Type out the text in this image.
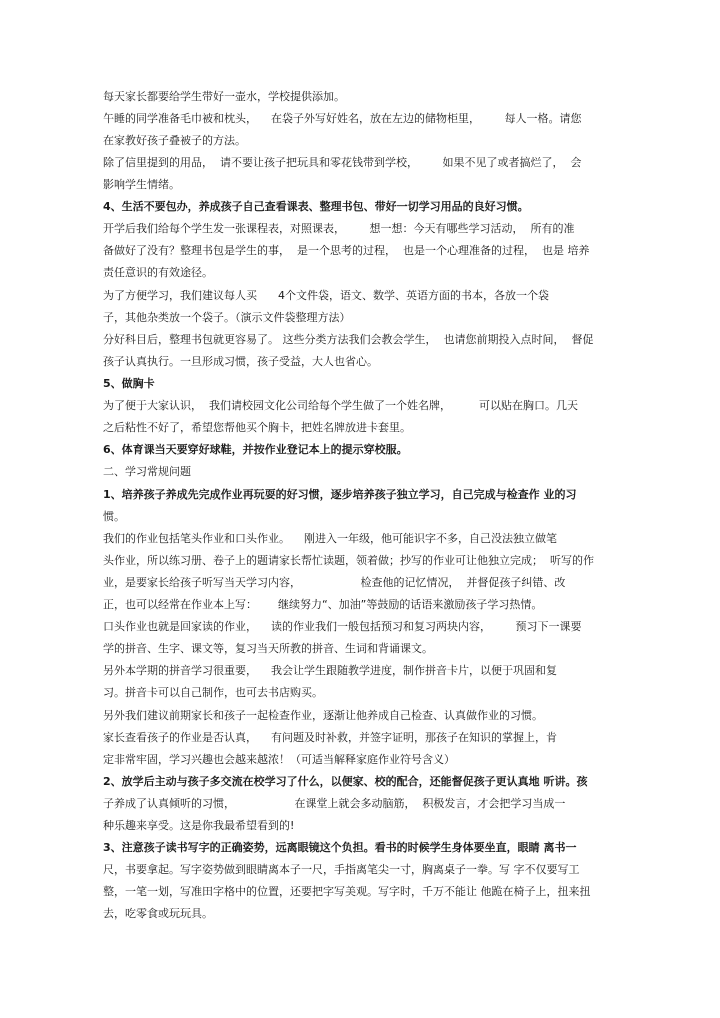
每天家长都要给学生带好一壶水，学校提供添加。
午睡的同学准备毛巾被和枕头，    在袋子外写好姓名，放在左边的储物柜里，       每人一格。请您
在家教好孩子叠被子的方法。
除了信里提到的用品，  请不要让孩子把玩具和零花钱带到学校，       如果不见了或者搞烂了，  会
影响学生情绪。
4、生活不要包办，养成孩子自己查看课表、整理书包、带好一切学习用品的良好习惯。
开学后我们给每个学生发一张课程表，对照课表，       想一想：今天有哪些学习活动，  所有的准
备做好了没有？整理书包是学生的事，  是一个思考的过程，  也是一个心理准备的过程，  也是 培养
责任意识的有效途径。
为了方便学习，我们建议每人买      4个文件袋，语文、数学、英语方面的书本，各放一个袋
子，其他杂类放一个袋子。（演示文件袋整理方法）
分好科目后，整理书包就更容易了。 这些分类方法我们会教会学生，  也请您前期投入点时间，  督促
孩子认真执行。一旦形成习惯，孩子受益，大人也省心。
5、做胸卡
为了便于大家认识，  我们请校园文化公司给每个学生做了一个姓名牌，        可以贴在胸口。几天
之后粘性不好了，希望您帮他买个胸卡，把姓名牌放进卡套里。
6、体育课当天要穿好球鞋，并按作业登记本上的提示穿校服。
二、学习常规问题
1、培养孩子养成先完成作业再玩耍的好习惯，逐步培养孩子独立学习，自己完成与检查作 业的习
惯。
我们的作业包括笔头作业和口头作业。    刚进入一年级，他可能识字不多，自己没法独立做笔
头作业，所以练习册、卷子上的题请家长帮忙读题，领着做；抄写的作业可让他独立完成；  听写的作
业，是要家长给孩子听写当天学习内容，                 检查他的记忆情况，  并督促孩子纠错、改
正，也可以经常在作业本上写：      继续努力“、加油”等鼓励的话语来激励孩子学习热情。
口头作业也就是回家读的作业，    读的作业我们一般包括预习和复习两块内容，       预习下一课要
学的拼音、生字、课文等，复习当天所教的拼音、生词和背诵课文。
另外本学期的拼音学习很重要，    我会让学生跟随教学进度，制作拼音卡片，以便于巩固和复
习。拼音卡可以自己制作，也可去书店购买。
另外我们建议前期家长和孩子一起检查作业，逐渐让他养成自己检查、认真做作业的习惯。
家长查看孩子的作业是否认真，    有问题及时补救，并签字证明，那孩子在知识的掌握上，肯
定非常牢固，学习兴趣也会越来越浓！（可适当解释家庭作业符号含义）
2、放学后主动与孩子多交流在校学习了什么，以便家、校的配合，还能督促孩子更认真地 听讲。孩
子养成了认真倾听的习惯，                 在课堂上就会多动脑筋，  积极发言，才会把学习当成一
种乐趣来享受。这是你我最希望看到的!
3、注意孩子读书写字的正确姿势，远离眼镜这个负担。看书的时候学生身体要坐直，眼睛 离书一
尺，书要拿起。写字姿势做到眼睛离本子一尺，手指离笔尖一寸，胸离桌子一拳。写 字不仅要写工
整，一笔一划，写准田字格中的位置，还要把字写美观。写字时，千万不能让 他跪在椅子上，扭来扭
去，吃零食或玩玩具。
